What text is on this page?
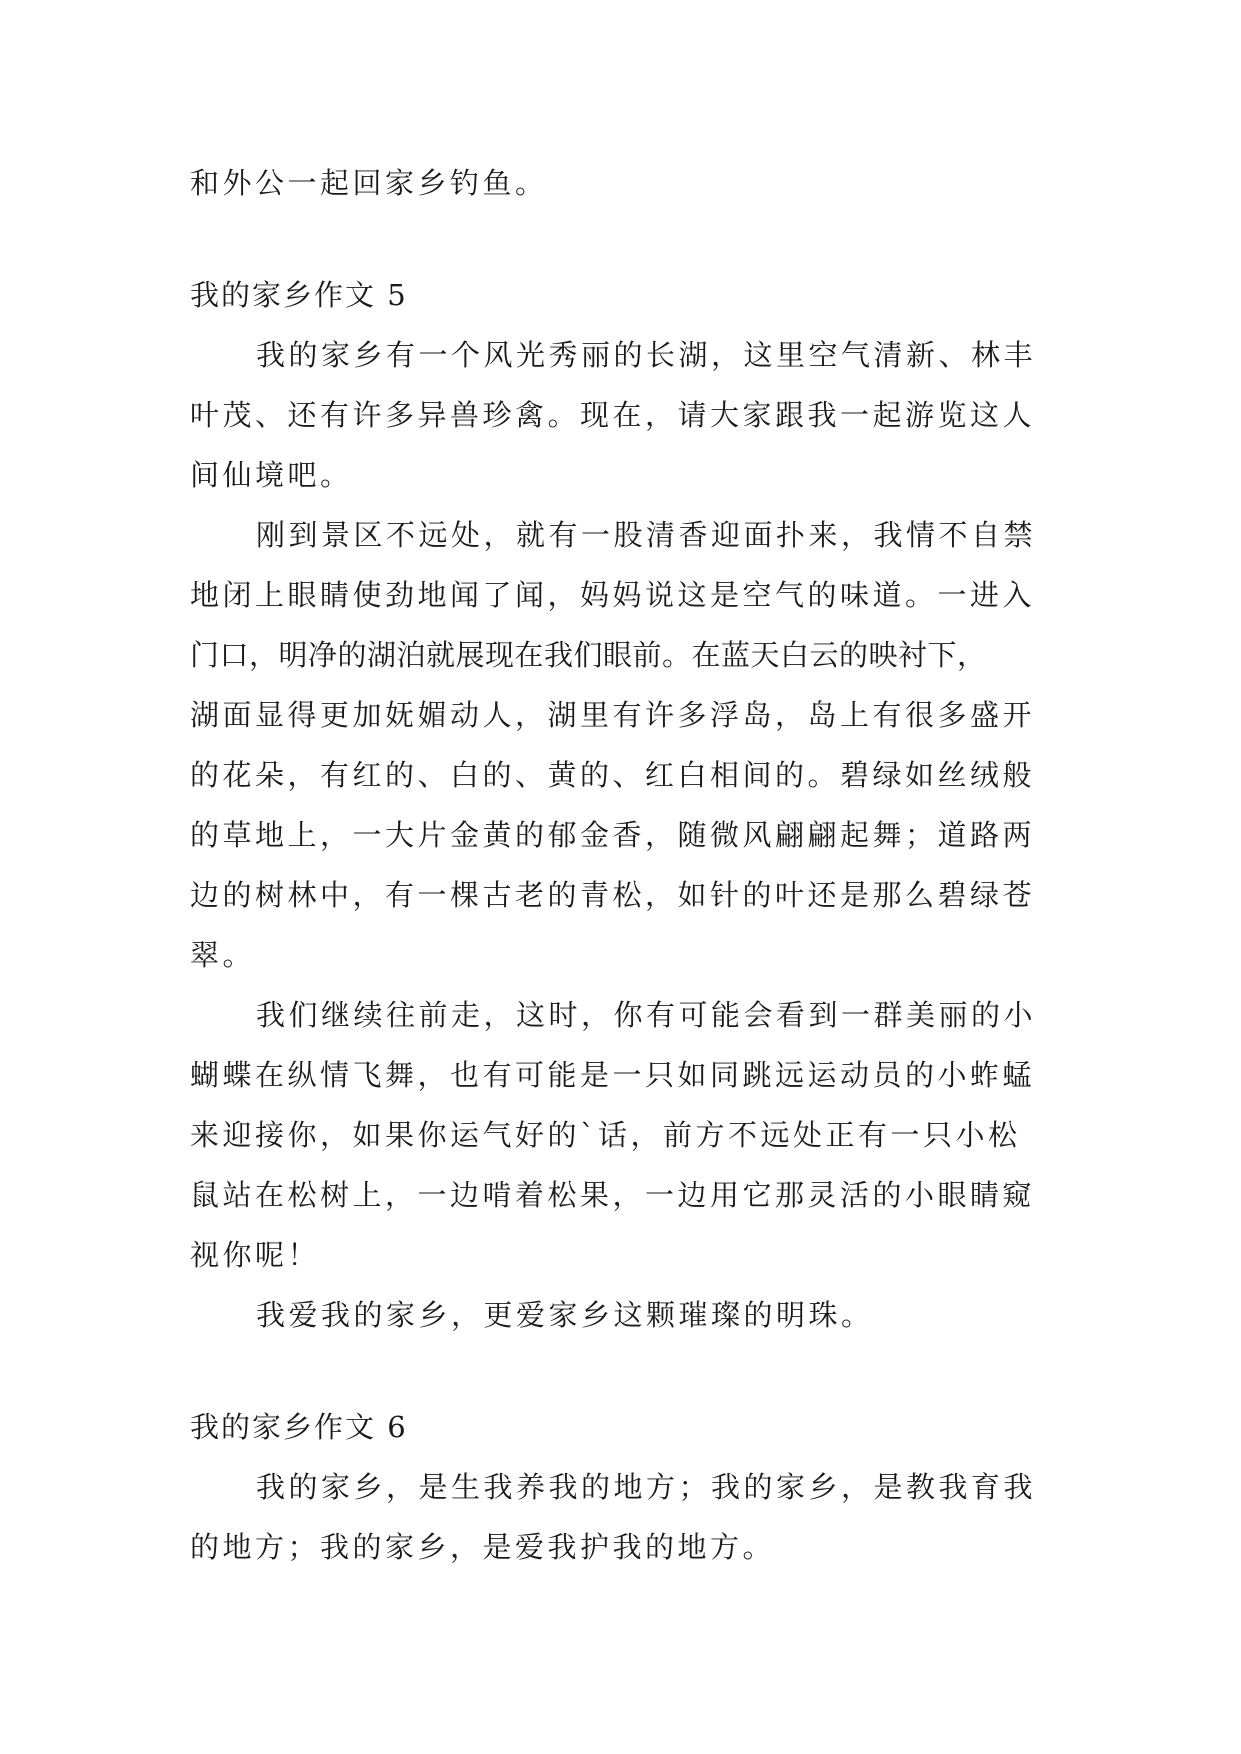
和外公一起回家乡钓鱼。
我的家乡作文 5
我的家乡有一个风光秀丽的长湖，这里空气清新、林丰
叶茂、还有许多异兽珍禽。现在，请大家跟我一起游览这人
间仙境吧。
刚到景区不远处，就有一股清香迎面扑来，我情不自禁
地闭上眼睛使劲地闻了闻，妈妈说这是空气的味道。一进入
门口，明净的湖泊就展现在我们眼前。在蓝天白云的映衬下，
湖面显得更加妩媚动人，湖里有许多浮岛，岛上有很多盛开
的花朵，有红的、白的、黄的、红白相间的。碧绿如丝绒般
的草地上，一大片金黄的郁金香，随微风翩翩起舞；道路两
边的树林中，有一棵古老的青松，如针的叶还是那么碧绿苍
翠。
我们继续往前走，这时，你有可能会看到一群美丽的小
蝴蝶在纵情飞舞，也有可能是一只如同跳远运动员的小蚱蜢
来迎接你，如果你运气好的`话，前方不远处正有一只小松
鼠站在松树上，一边啃着松果，一边用它那灵活的小眼睛窥
视你呢！
我爱我的家乡，更爱家乡这颗璀璨的明珠。
我的家乡作文 6
我的家乡，是生我养我的地方；我的家乡，是教我育我
的地方；我的家乡，是爱我护我的地方。
